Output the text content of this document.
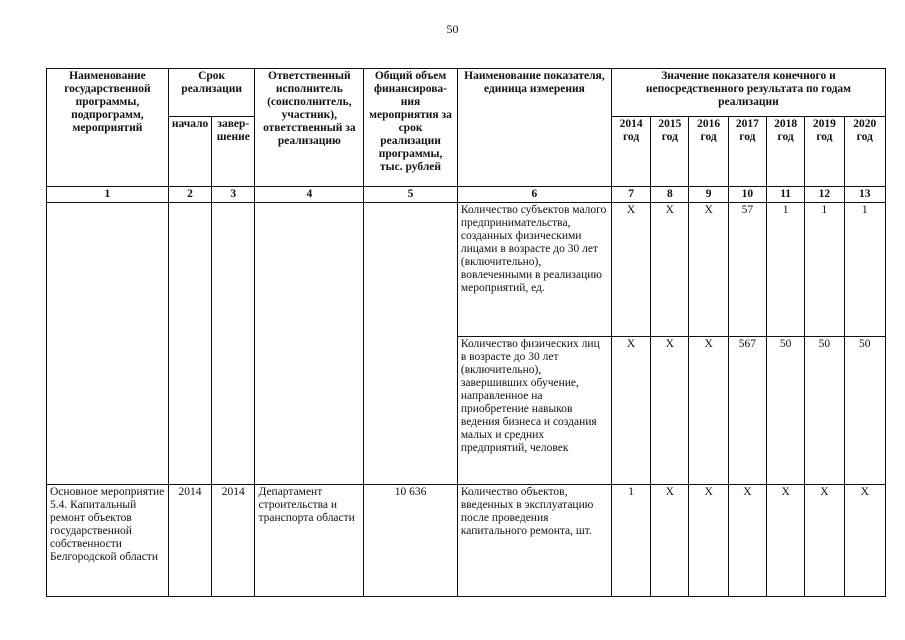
50
Наименование государственной программы, подпрограмм, мероприятий	Срок реализации		Ответственный исполнитель (соисполнитель, участник), ответственный за реализацию	Общий объем финансирова-ния мероприятия за срок реализации программы, тыс. рублей	Наименование показателя, единица измерения	Значение показателя конечного и непосредственного результата по годам реализации						
	начало	завер-шение				2014 год	2015 год	2016 год	2017 год	2018 год	2019 год	2020 год
1	2	3	4	5	6	7	8	9	10	11	12	13
					Количество субъектов малого предпринимательства, созданных физическими лицами в возрасте до 30 лет (включительно), вовлеченными в реализацию мероприятий, ед.	Х	Х	Х	57	1	1	1
					Количество физических лиц в возрасте до 30 лет (включительно), завершивших обучение, направленное на приобретение навыков ведения бизнеса и создания малых и средних предприятий, человек	Х	Х	Х	567	50	50	50
Основное мероприятие 5.4. Капитальный ремонт объектов государственной собственности Белгородской области	2014	2014	Департамент строительства и транспорта области	10 636	Количество объектов, введенных в эксплуатацию после проведения капитального ремонта, шт.	1	Х	Х	Х	Х	Х	Х
